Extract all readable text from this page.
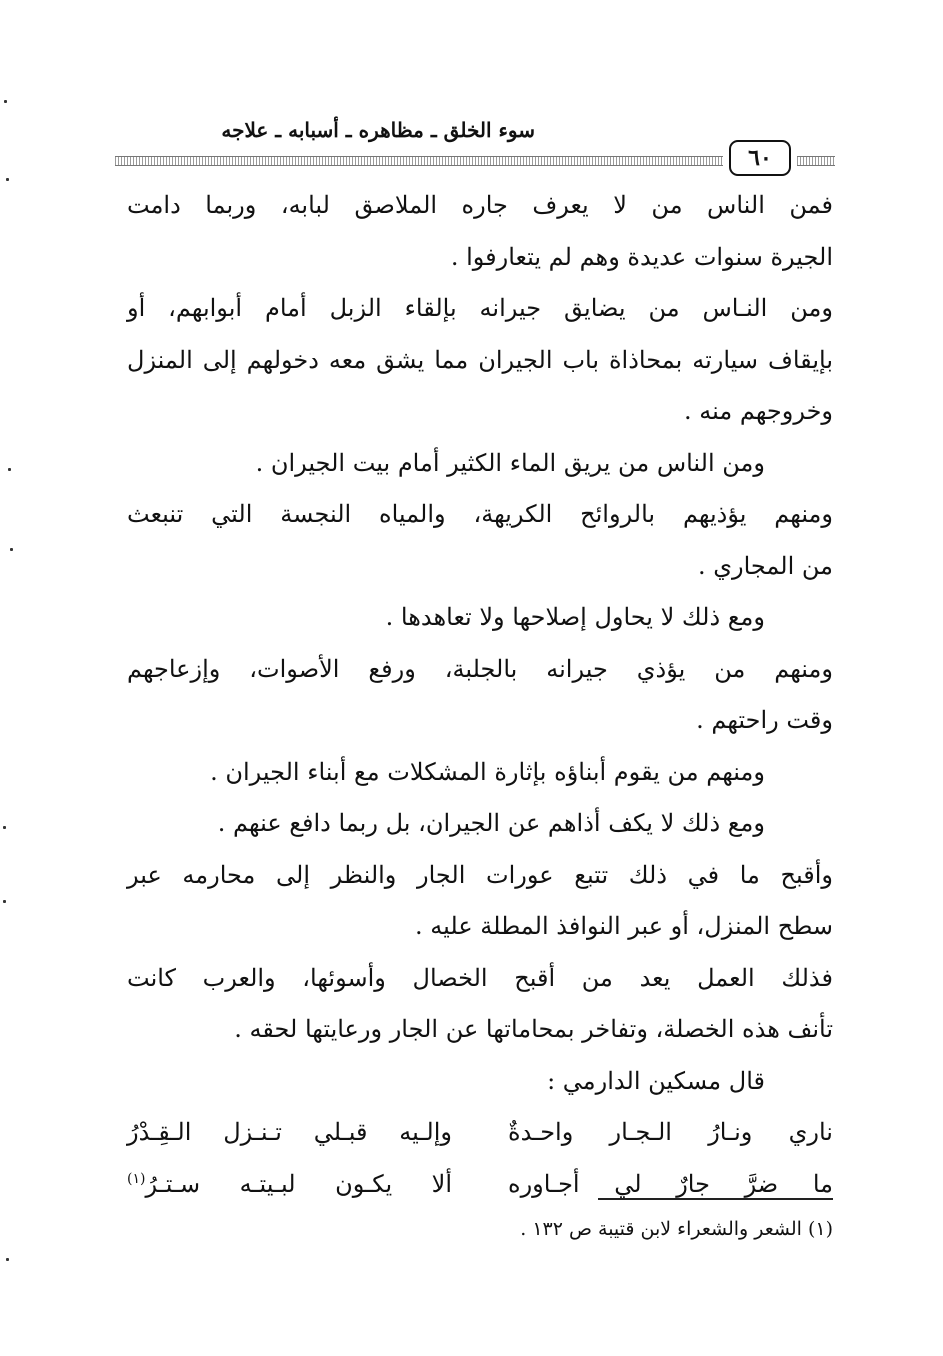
سوء الخلق ـ مظاهره ـ أسبابه ـ علاجه
٦٠
فمن الناس من لا يعرف جاره الملاصق لبابه، وربما دامت
الجيرة سنوات عديدة وهم لم يتعارفوا .
ومن النـاس من يضايق جيرانه بإلقاء الزبل أمام أبوابهم، أو
بإيقاف سيارته بمحاذاة باب الجيران مما يشق معه دخولهم إلى المنزل
وخروجهم منه .
ومن الناس من يريق الماء الكثير أمام بيت الجيران .
ومنهم يؤذيهم بالروائح الكريهة، والمياه النجسة التي تنبعث
من المجاري .
ومع ذلك لا يحاول إصلاحها ولا تعاهدها .
ومنهم من يؤذي جيرانه بالجلبة، ورفع الأصوات، وإزعاجهم
وقت راحتهم .
ومنهم من يقوم أبناؤه بإثارة المشكلات مع أبناء الجيران .
ومع ذلك لا يكف أذاهم عن الجيران، بل ربما دافع عنهم .
وأقبح ما في ذلك تتبع عورات الجار والنظر إلى محارمه عبر
سطح المنزل، أو عبر النوافذ المطلة عليه .
فذلك العمل يعد من أقبح الخصال وأسوئها، والعرب كانت
تأنف هذه الخصلة، وتفاخر بمحاماتها عن الجار ورعايتها لحقه .
قال مسكين الدارمي :
ناري ونـارُ الـجـار واحـدةٌ
وإلـيه قبـلي تـنـزل الـقِـدْرُ
ما ضرَّ جارٌ لي أجـاوره
ألا يكـون لبـيتـه سـتـرُ$^{(١)}$
(١) الشعر والشعراء لابن قتيبة ص ١٣٢ .
